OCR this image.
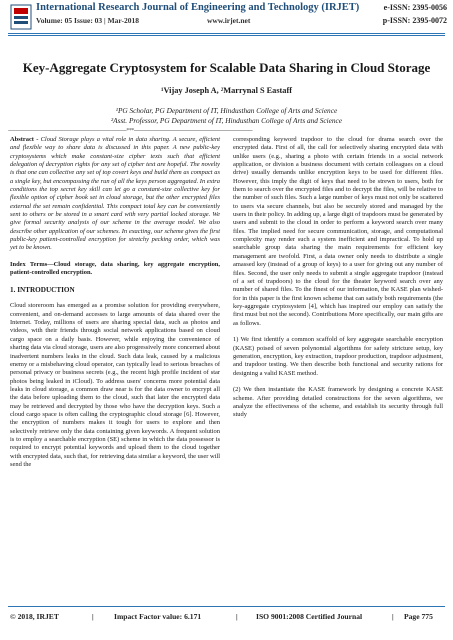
International Research Journal of Engineering and Technology (IRJET)
Volume: 05 Issue: 03 | Mar-2018	www.irjet.net
e-ISSN: 2395-0056
p-ISSN: 2395-0072
Key-Aggregate Cryptosystem for Scalable Data Sharing in Cloud Storage
¹Vijay Joseph A, ²Marrynal S Eastaff
¹PG Scholar, PG Department of IT, Hindusthan College of Arts and Science
²Asst. Professor, PG Department of IT, Hindusthan College of Arts and Science
-------------------------------------------------------------------------------***-------------------------------------------------------------------------------

Abstract - Cloud Storage plays a vital role in data sharing. A secure, efficient and flexible way to share data is discussed in this paper. A new public-key cryptosystems which make constant-size cipher texts such that efficient delegation of decryption rights for any set of cipher text are hopeful. The novelty is that one can collective any set of top covert keys and build them as compact as a single key, but encompassing the run of all the keys person aggregated. In extra conditions the top secret key skill can let go a constant-size collective key for flexible option of cipher book set in cloud storage, but the other encrypted files external the set remain confidential. This compact total key can be conveniently sent to others or be stored in a smart card with very partial locked storage. We give formal security analysis of our scheme in the average model. We also describe other application of our schemes. In exacting, our scheme gives the first public-key patient-controlled encryption for stretchy pecking order, which was yet to be known.

Index Terms—Cloud storage, data sharing, key aggregate encryption, patient-controlled encryption.

1. INTRODUCTION

Cloud storeroom has emerged as a promise solution for providing everywhere, convenient, and on-demand accesses to large amounts of data shared over the Internet. Today, millions of users are sharing special data, such as photos and videos, with their friends through social network applications based on cloud cargo space on a daily basis. However, while enjoying the convenience of sharing data via cloud storage, users are also progressively more concerned about inadvertent numbers leaks in the cloud. Such data leak, caused by a malicious enemy or a misbehaving cloud operator, can typically lead to serious breaches of personal privacy or business secrets (e.g., the recent high profile incident of star photos being leaked in iCloud). To address users' concerns more potential data leaks in cloud storage, a common draw near is for the data owner to encrypt all the data before uploading them to the cloud, such that later the encrypted data may be retrieved and decrypted by those who have the decryption keys. Such a cloud cargo space is often calling the cryptographic cloud storage [6]. However, the encryption of numbers makes it tough for users to explore and then selectively retrieve only the data containing given keywords. A frequent solution is to employ a searchable encryption (SE) scheme in which the data possessor is required to encrypt potential keywords and upload them to the cloud together with encrypted data, such that, for retrieving data similar a keyword, the user will send the

corresponding keyword trapdoor to the cloud for drama search over the encrypted data. First of all, the call for selectively sharing encrypted data with unlike users (e.g., sharing a photo with certain friends in a social network application, or division a business document with certain colleagues on a cloud drive) usually demands unlike encryption keys to be used for different files. However, this imply the digit of keys that need to be strewn to users, both for them to search over the encrypted files and to decrypt the files, will be relative to the number of such files. Such a large number of keys must not only be scattered to users via secure channels, but also be securely stored and managed by the users in their policy. In adding up, a large digit of trapdoors must be generated by users and submit to the cloud in order to perform a keyword search over many files. The implied need for secure communication, storage, and computational complexity may render such a system inefficient and impractical. To hold up searchable group data sharing the main requirements for efficient key management are twofold. First, a data owner only needs to distribute a single amassed key (instead of a group of keys) to a user for giving out any number of files. Second, the user only needs to submit a single aggregate trapdoor (instead of a set of trapdoors) to the cloud for the theater keyword search over any number of shared files. To the finest of our information, the KASE plan wished-for in this paper is the first known scheme that can satisfy both requirements (the key-aggregate cryptosystem [4], which has inspired our employ can satisfy the first must but not the second). Contributions More specifically, our main gifts are as follows.

1) We first identify a common scaffold of key aggregate searchable encryption (KASE) poised of seven polynomial algorithms for safety stricture setup, key generation, encryption, key extraction, trapdoor production, trapdoor adjustment, and trapdoor testing. We then describe both functional and security rations for designing a valid KASE method.

(2) We then instantiate the KASE framework by designing a concrete KASE scheme. After providing detailed constructions for the seven algorithms, we analyze the effectiveness of the scheme, and establish its security through full study

© 2018, IRJET	|	Impact Factor value: 6.171	| ISO 9001:2008 Certified Journal	| Page 775
